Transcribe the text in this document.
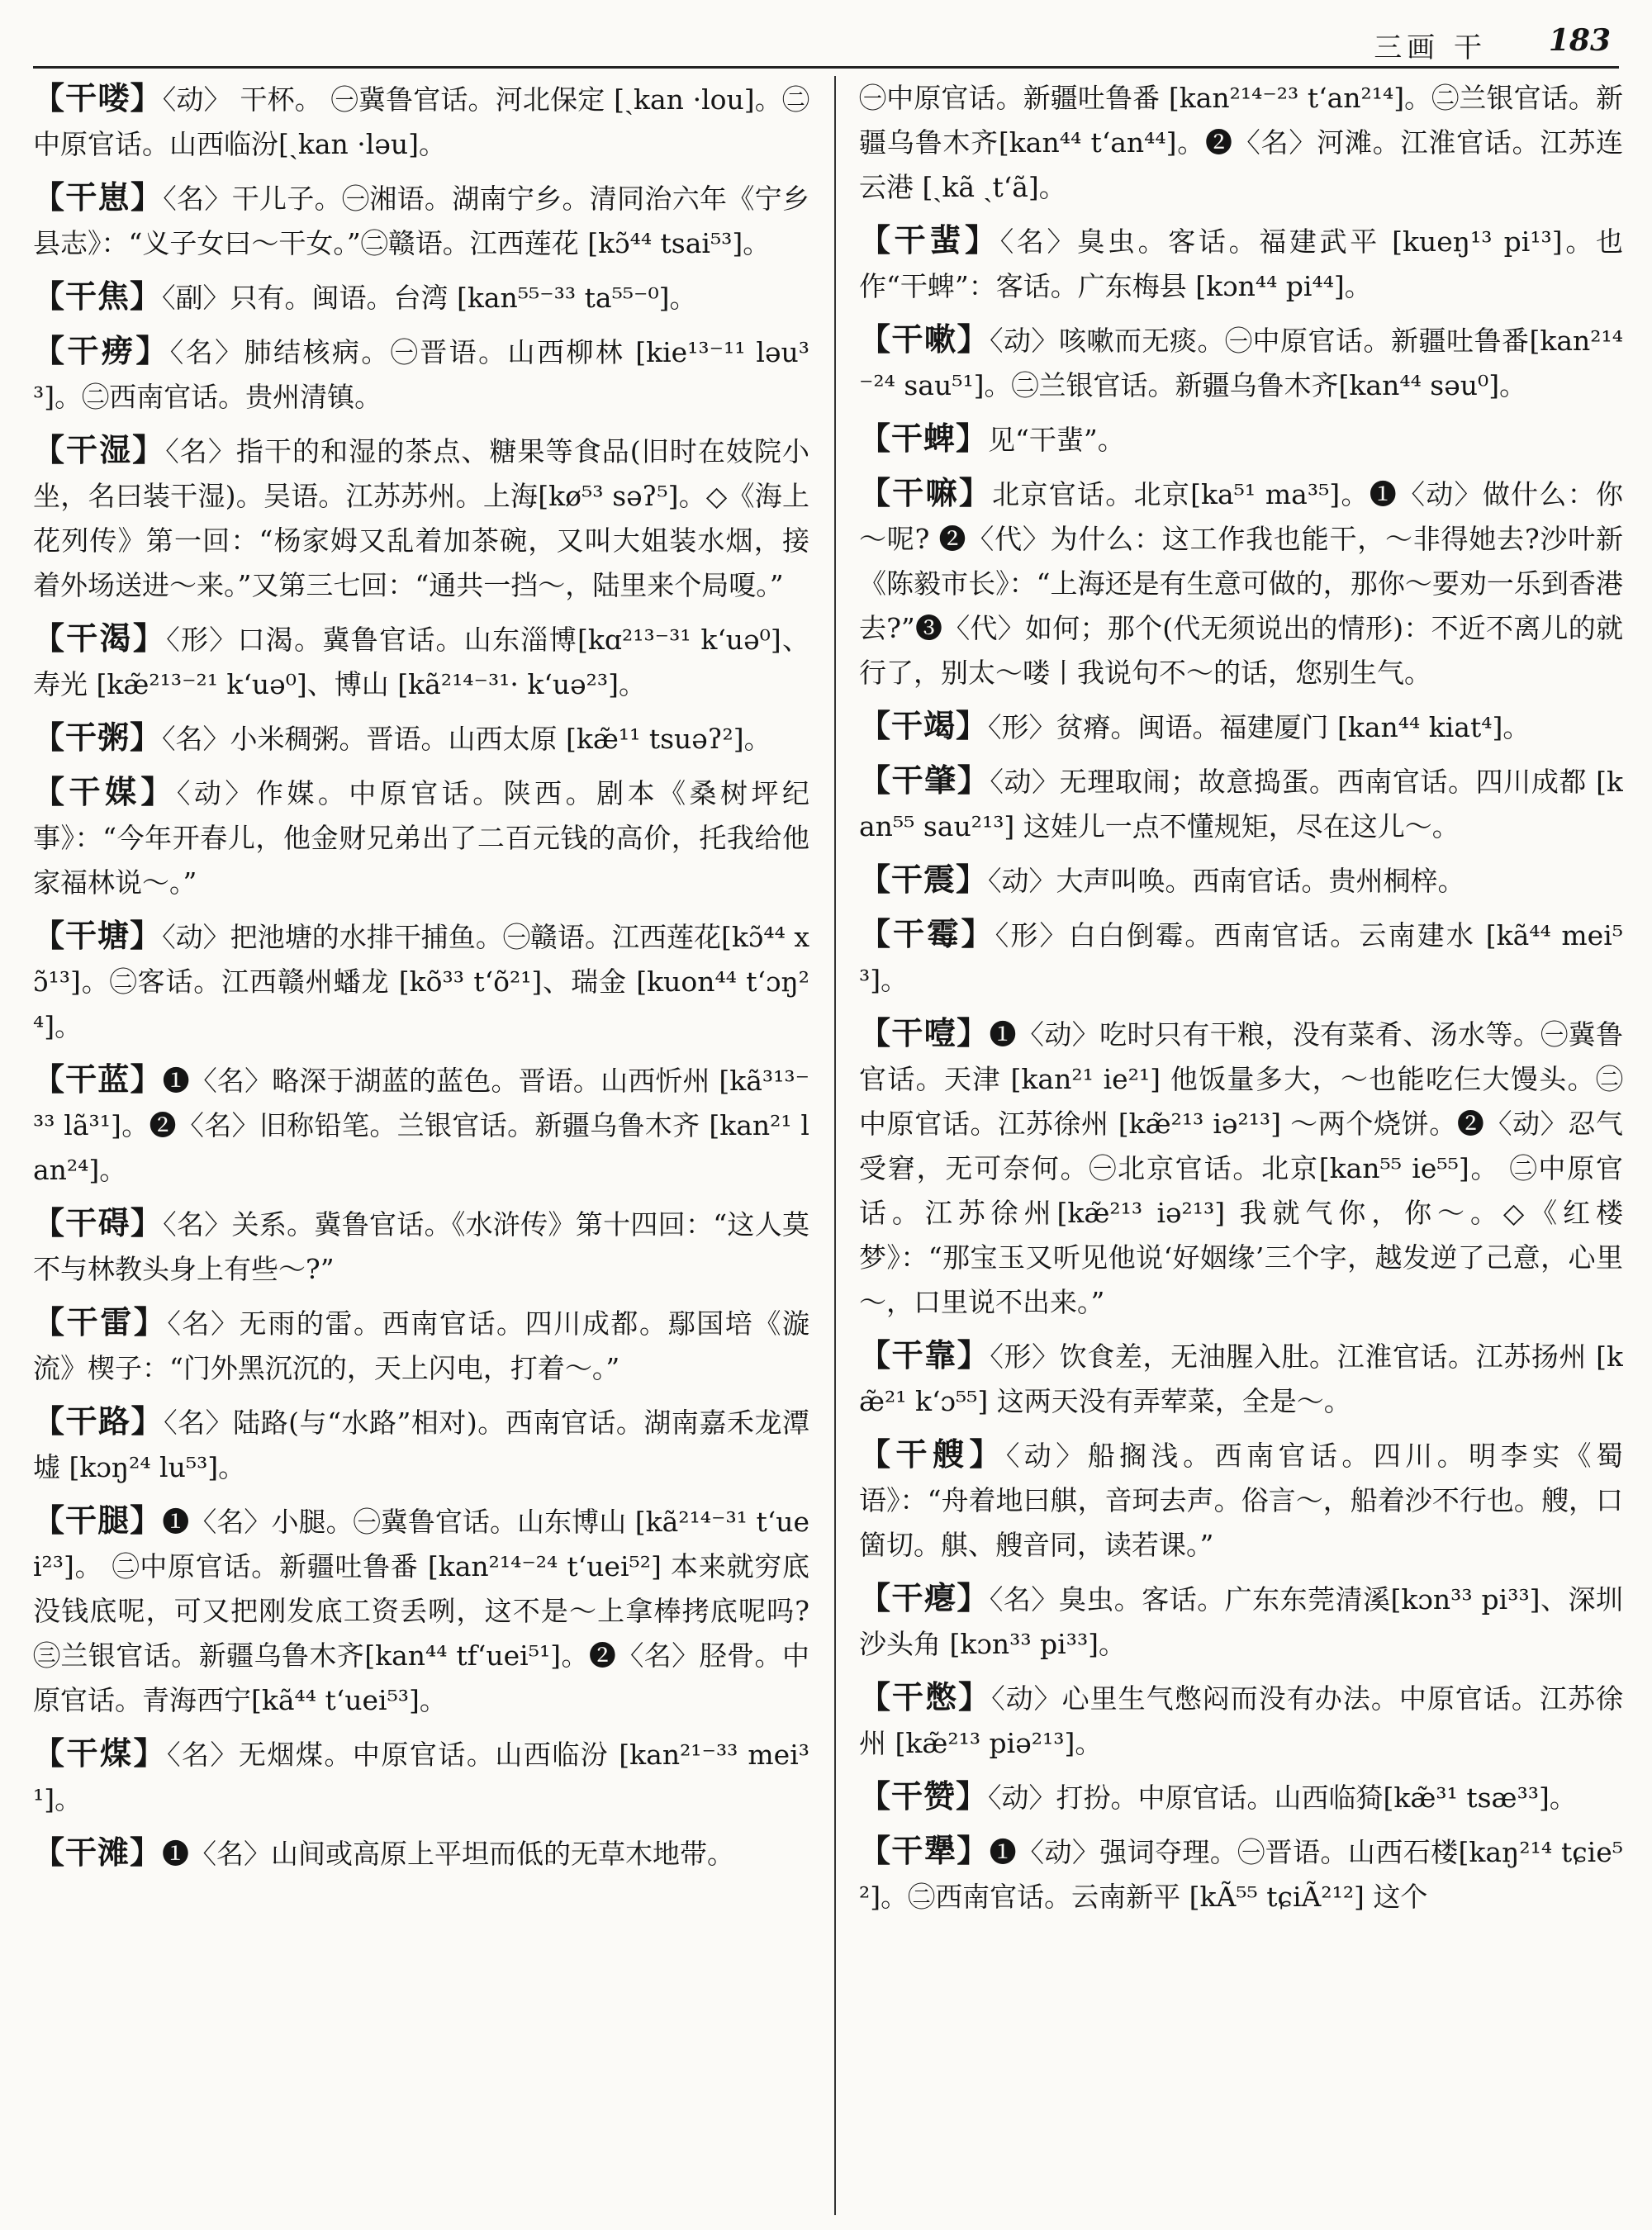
三画 干 183

【干喽】〈动〉 干杯。 ㊀冀鲁官话。河北保定 [ˏkan ·lou]。㊁中原官话。山西临汾[ˏkan ·ləu]。

【干崽】〈名〉干儿子。㊀湘语。湖南宁乡。清同治六年《宁乡县志》：“义子女曰～干女。”㊁赣语。江西莲花 [kɔ̃⁴⁴ tsai⁵³]。

【干焦】〈副〉只有。闽语。台湾 [kan⁵⁵⁻³³ ta⁵⁵⁻⁰]。

【干痨】〈名〉肺结核病。㊀晋语。山西柳林 [kie¹³⁻¹¹ ləu³³]。㊁西南官话。贵州清镇。

【干湿】〈名〉指干的和湿的茶点、糖果等食品(旧时在妓院小坐，名曰装干湿)。吴语。江苏苏州。上海[kø⁵³ səʔ⁵]。◇《海上花列传》第一回：“杨家姆又乱着加茶碗，又叫大姐装水烟，接着外场送进～来。”又第三七回：“通共一挡～，陆里来个局嗄。”

【干渴】〈形〉口渴。冀鲁官话。山东淄博[kɑ²¹³⁻³¹ k‘uə⁰]、寿光 [kæ̃²¹³⁻²¹ k‘uə⁰]、博山 [kã²¹⁴⁻³¹· k‘uə²³]。

【干粥】〈名〉小米稠粥。晋语。山西太原 [kæ̃¹¹ tsuəʔ²]。

【干媒】〈动〉作媒。中原官话。陕西。剧本《桑树坪纪事》：“今年开春儿，他金财兄弟出了二百元钱的高价，托我给他家福林说～。”

【干塘】〈动〉把池塘的水排干捕鱼。㊀赣语。江西莲花[kɔ̃⁴⁴ xɔ̃¹³]。㊁客话。江西赣州蟠龙 [kõ³³ t‘õ²¹]、瑞金 [kuon⁴⁴ t‘ɔŋ²⁴]。

【干蓝】❶〈名〉略深于湖蓝的蓝色。晋语。山西忻州 [kã³¹³⁻³³ lã³¹]。❷〈名〉旧称铅笔。兰银官话。新疆乌鲁木齐 [kan²¹ lan²⁴]。

【干碍】〈名〉关系。冀鲁官话。《水浒传》第十四回：“这人莫不与林教头身上有些～?”

【干雷】〈名〉无雨的雷。西南官话。四川成都。鄢国培《漩流》楔子：“门外黑沉沉的，天上闪电，打着～。”

【干路】〈名〉陆路(与“水路”相对)。西南官话。湖南嘉禾龙潭墟 [kɔŋ²⁴ lu⁵³]。

【干腿】❶〈名〉小腿。㊀冀鲁官话。山东博山 [kã²¹⁴⁻³¹ t‘uei²³]。 ㊁中原官话。新疆吐鲁番 [kan²¹⁴⁻²⁴ t‘uei⁵²] 本来就穷底没钱底呢，可又把刚发底工资丢咧，这不是～上拿棒拷底呢吗?㊂兰银官话。新疆乌鲁木齐[kan⁴⁴ tf‘uei⁵¹]。❷〈名〉胫骨。中原官话。青海西宁[kã⁴⁴ t‘uei⁵³]。

【干煤】〈名〉无烟煤。中原官话。山西临汾 [kan²¹⁻³³ mei³¹]。

【干滩】❶〈名〉山间或高原上平坦而低的无草木地带。

㊀中原官话。新疆吐鲁番 [kan²¹⁴⁻²³ t‘an²¹⁴]。㊁兰银官话。新疆乌鲁木齐[kan⁴⁴ t‘an⁴⁴]。❷〈名〉河滩。江淮官话。江苏连云港 [ˏkã ˏt‘ã]。

【干蜚】〈名〉臭虫。客话。福建武平 [kueŋ¹³ pi¹³]。也作“干蜱”：客话。广东梅县 [kɔn⁴⁴ pi⁴⁴]。

【干嗽】〈动〉咳嗽而无痰。㊀中原官话。新疆吐鲁番[kan²¹⁴⁻²⁴ sau⁵¹]。㊁兰银官话。新疆乌鲁木齐[kan⁴⁴ səu⁰]。

【干蜱】见“干蜚”。

【干嘛】北京官话。北京[ka⁵¹ ma³⁵]。❶〈动〉做什么：你～呢? ❷〈代〉为什么：这工作我也能干，～非得她去?沙叶新《陈毅市长》：“上海还是有生意可做的，那你～要劝一乐到香港去?”❸〈代〉如何；那个(代无须说出的情形)：不近不离儿的就行了，别太～喽丨我说句不～的话，您别生气。

【干竭】〈形〉贫瘠。闽语。福建厦门 [kan⁴⁴ kiat⁴]。

【干肇】〈动〉无理取闹；故意捣蛋。西南官话。四川成都 [kan⁵⁵ sau²¹³] 这娃儿一点不懂规矩，尽在这儿～。

【干震】〈动〉大声叫唤。西南官话。贵州桐梓。

【干霉】〈形〉白白倒霉。西南官话。云南建水 [kã⁴⁴ mei⁵³]。

【干噎】❶〈动〉吃时只有干粮，没有菜肴、汤水等。㊀冀鲁官话。天津 [kan²¹ ie²¹] 他饭量多大，～也能吃仨大馒头。㊁中原官话。江苏徐州 [kæ̃²¹³ iə²¹³] ～两个烧饼。❷〈动〉忍气受窘，无可奈何。㊀北京官话。北京[kan⁵⁵ ie⁵⁵]。 ㊁中原官话。江苏徐州[kæ̃²¹³ iə²¹³] 我就气你，你～。◇《红楼梦》：“那宝玉又听见他说‘好姻缘’三个字，越发逆了己意，心里～，口里说不出来。”

【干靠】〈形〉饮食差，无油腥入肚。江淮官话。江苏扬州 [kæ̃²¹ k‘ɔ⁵⁵] 这两天没有弄荤菜，全是～。

【干艘】〈动〉船搁浅。西南官话。四川。明李实《蜀语》：“舟着地曰䑴，音珂去声。俗言～，船着沙不行也。艘，口箇切。䑴、艘音同，读若课。”

【干瘪】〈名〉臭虫。客话。广东东莞清溪[kɔn³³ pi³³]、深圳沙头角 [kɔn³³ pi³³]。

【干憋】〈动〉心里生气憋闷而没有办法。中原官话。江苏徐州 [kæ̃²¹³ piə²¹³]。

【干赞】〈动〉打扮。中原官话。山西临猗[kæ̃³¹ tsæ³³]。

【干犟】❶〈动〉强词夺理。㊀晋语。山西石楼[kaŋ²¹⁴ tɕie⁵²]。㊁西南官话。云南新平 [kÃ⁵⁵ tɕiÃ²¹²] 这个
